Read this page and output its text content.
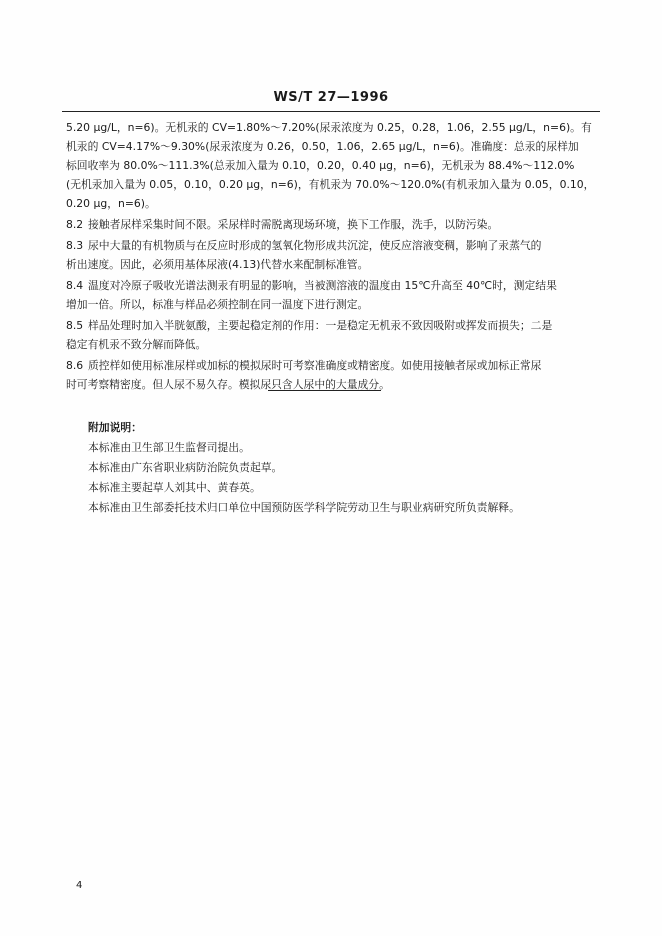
WS/T 27—1996
5.20 μg/L，n=6)。无机汞的 CV=1.80%～7.20%(尿汞浓度为 0.25，0.28，1.06，2.55 μg/L，n=6)。有
机汞的 CV=4.17%～9.30%(尿汞浓度为 0.26，0.50，1.06，2.65 μg/L，n=6)。准确度：总汞的尿样加
标回收率为 80.0%～111.3%(总汞加入量为 0.10，0.20，0.40 μg，n=6)，无机汞为 88.4%～112.0%
(无机汞加入量为 0.05，0.10，0.20 μg，n=6)，有机汞为 70.0%～120.0%(有机汞加入量为 0.05，0.10，
0.20 μg，n=6)。
8.2 接触者尿样采集时间不限。采尿样时需脱离现场环境，换下工作服，洗手，以防污染。
8.3 尿中大量的有机物质与在反应时形成的氢氧化物形成共沉淀，使反应溶液变稠，影响了汞蒸气的
析出速度。因此，必须用基体尿液(4.13)代替水来配制标准管。
8.4 温度对冷原子吸收光谱法测汞有明显的影响，当被测溶液的温度由 15℃升高至 40℃时，测定结果
增加一倍。所以，标准与样品必须控制在同一温度下进行测定。
8.5 样品处理时加入半胱氨酸，主要起稳定剂的作用：一是稳定无机汞不致因吸附或挥发而损失；二是
稳定有机汞不致分解而降低。
8.6 质控样如使用标准尿样或加标的模拟尿时可考察准确度或精密度。如使用接触者尿或加标正常尿
时可考察精密度。但人尿不易久存。模拟尿只含人尿中的大量成分。
附加说明：
本标准由卫生部卫生监督司提出。
本标准由广东省职业病防治院负责起草。
本标准主要起草人刘其中、黄春英。
本标准由卫生部委托技术归口单位中国预防医学科学院劳动卫生与职业病研究所负责解释。
4
